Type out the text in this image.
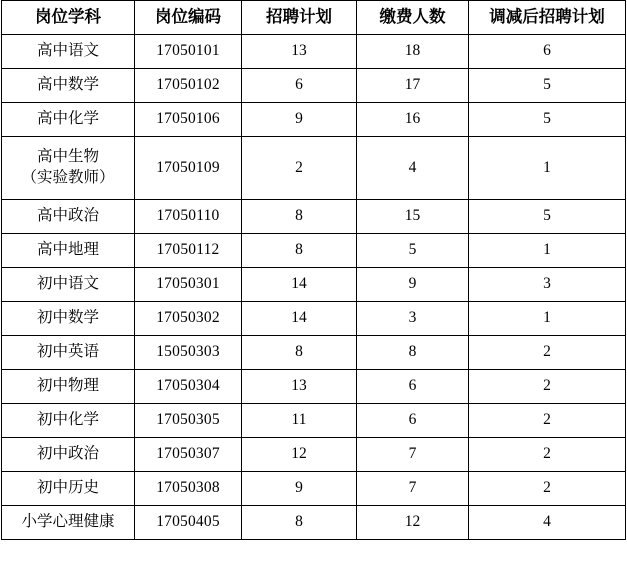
岗位学科	岗位编码	招聘计划	缴费人数	调减后招聘计划

高中语文	17050101	13	18	6

高中数学	17050102	6	17	5

高中化学	17050106	9	16	5

高中生物
（实验教师）	17050109	2	4	1

高中政治	17050110	8	15	5

高中地理	17050112	8	5	1

初中语文	17050301	14	9	3

初中数学	17050302	14	3	1

初中英语	15050303	8	8	2

初中物理	17050304	13	6	2

初中化学	17050305	11	6	2

初中政治	17050307	12	7	2

初中历史	17050308	9	7	2

小学心理健康	17050405	8	12	4
